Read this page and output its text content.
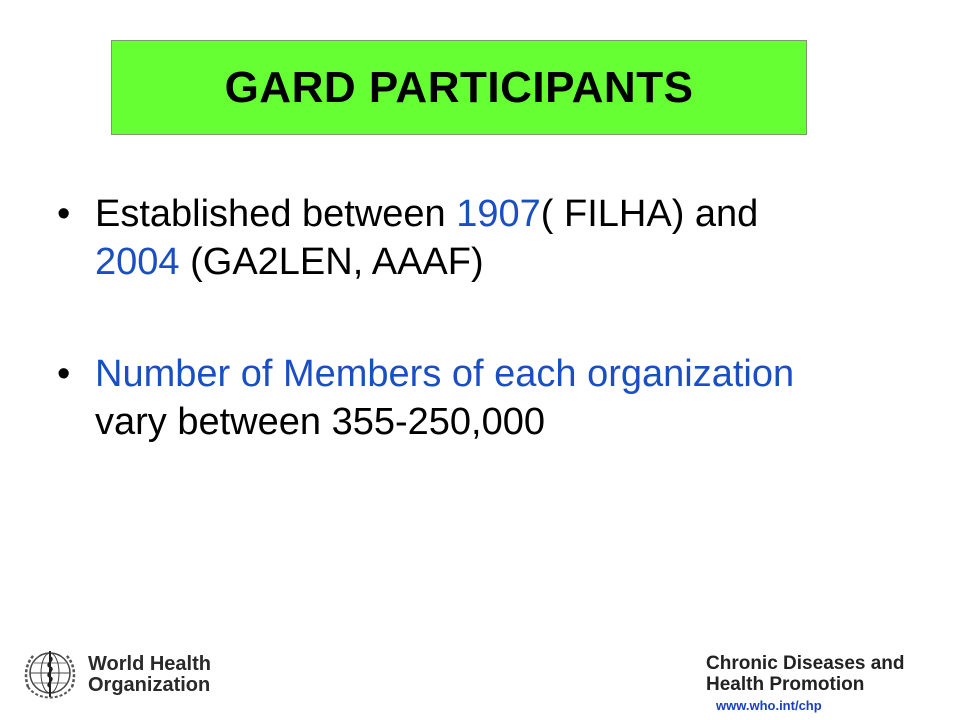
GARD PARTICIPANTS
• Established between 1907( FILHA) and
2004 (GA2LEN, AAAF)
• Number of Members of each organization
vary between 355-250,000
World Health
Organization
Chronic Diseases and
Health Promotion
www.who.int/chp
